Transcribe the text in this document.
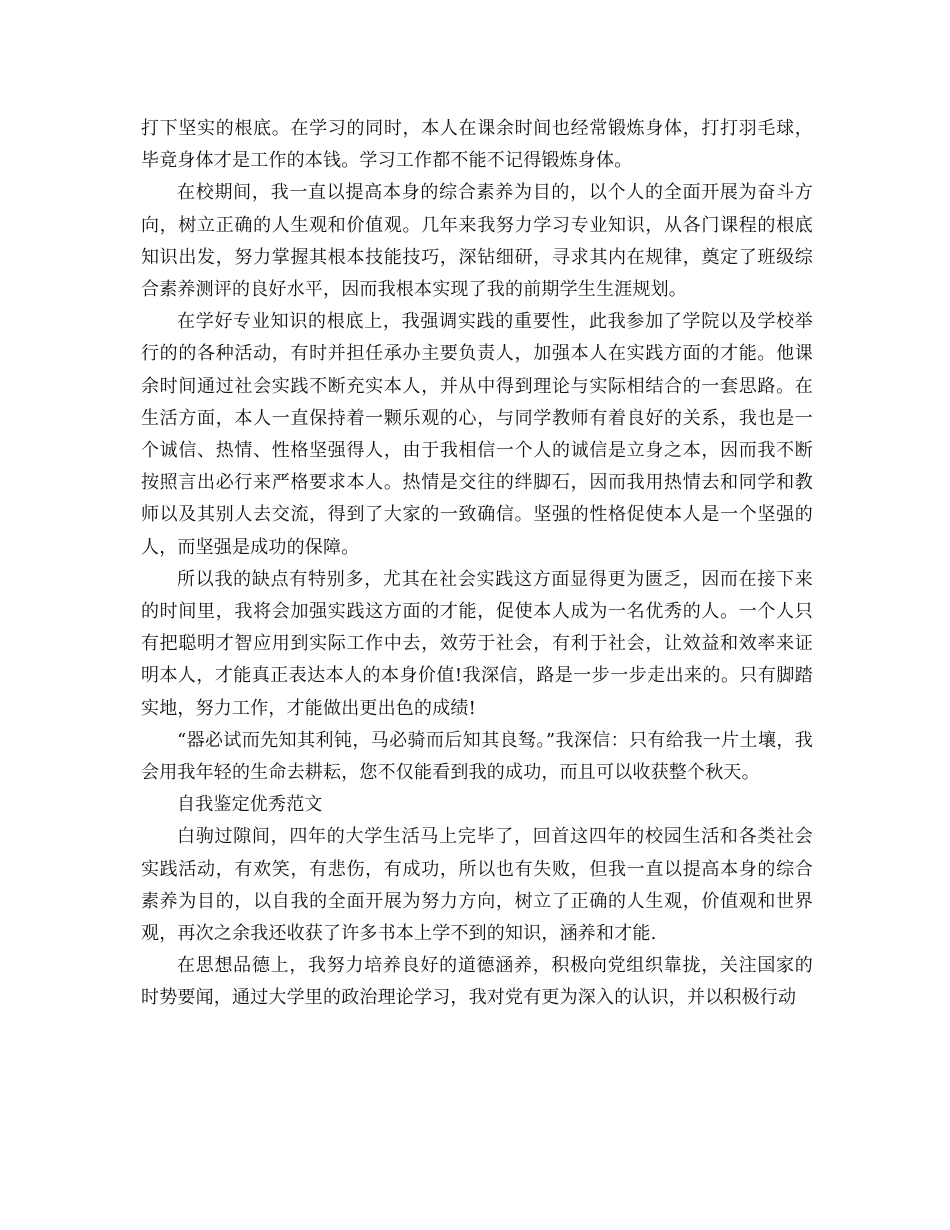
打下坚实的根底。在学习的同时，本人在课余时间也经常锻炼身体，打打羽毛球，毕竟身体才是工作的本钱。学习工作都不能不记得锻炼身体。

在校期间，我一直以提高本身的综合素养为目的，以个人的全面开展为奋斗方向，树立正确的人生观和价值观。几年来我努力学习专业知识，从各门课程的根底知识出发，努力掌握其根本技能技巧，深钻细研，寻求其内在规律，奠定了班级综合素养测评的良好水平，因而我根本实现了我的前期学生生涯规划。

在学好专业知识的根底上，我强调实践的重要性，此我参加了学院以及学校举行的的各种活动，有时并担任承办主要负责人，加强本人在实践方面的才能。他课余时间通过社会实践不断充实本人，并从中得到理论与实际相结合的一套思路。在生活方面，本人一直保持着一颗乐观的心，与同学教师有着良好的关系，我也是一个诚信、热情、性格坚强得人，由于我相信一个人的诚信是立身之本，因而我不断按照言出必行来严格要求本人。热情是交往的绊脚石，因而我用热情去和同学和教师以及其别人去交流，得到了大家的一致确信。坚强的性格促使本人是一个坚强的人，而坚强是成功的保障。

所以我的缺点有特别多，尤其在社会实践这方面显得更为匮乏，因而在接下来的时间里，我将会加强实践这方面的才能，促使本人成为一名优秀的人。一个人只有把聪明才智应用到实际工作中去，效劳于社会，有利于社会，让效益和效率来证明本人，才能真正表达本人的本身价值!我深信，路是一步一步走出来的。只有脚踏实地，努力工作，才能做出更出色的成绩!

“器必试而先知其利钝，马必骑而后知其良驽。”我深信：只有给我一片土壤，我会用我年轻的生命去耕耘，您不仅能看到我的成功，而且可以收获整个秋天。

自我鉴定优秀范文

白驹过隙间，四年的大学生活马上完毕了，回首这四年的校园生活和各类社会实践活动，有欢笑，有悲伤，有成功，所以也有失败，但我一直以提高本身的综合素养为目的，以自我的全面开展为努力方向，树立了正确的人生观，价值观和世界观，再次之余我还收获了许多书本上学不到的知识，涵养和才能.

在思想品德上，我努力培养良好的道德涵养，积极向党组织靠拢，关注国家的时势要闻，通过大学里的政治理论学习，我对党有更为深入的认识，并以积极行动
